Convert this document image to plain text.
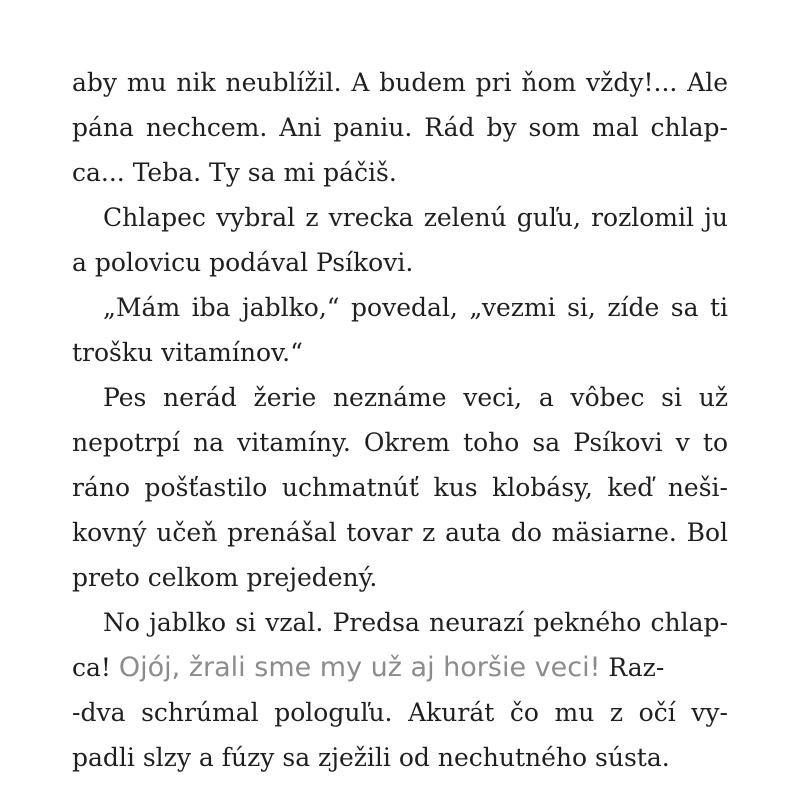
aby mu nik neublížil. A budem pri ňom vždy!... Ale

pána nechcem. Ani paniu. Rád by som mal chlap-

ca... Teba. Ty sa mi páčiš.

Chlapec vybral z vrecka zelenú guľu, rozlomil ju

a polovicu podával Psíkovi.

„Mám iba jablko,“ povedal, „vezmi si, zíde sa ti

trošku vitamínov.“

Pes nerád žerie neznáme veci, a vôbec si už

nepotrpí na vitamíny. Okrem toho sa Psíkovi v to

ráno pošťastilo uchmatnúť kus klobásy, keď neši-

kovný učeň prenášal tovar z auta do mäsiarne. Bol

preto celkom prejedený.

No jablko si vzal. Predsa neurazí pekného chlap-

ca! Ojój, žrali sme my už aj horšie veci! Raz-

-dva schrúmal pologuľu. Akurát čo mu z očí vy-

padli slzy a fúzy sa zježili od nechutného sústa.
